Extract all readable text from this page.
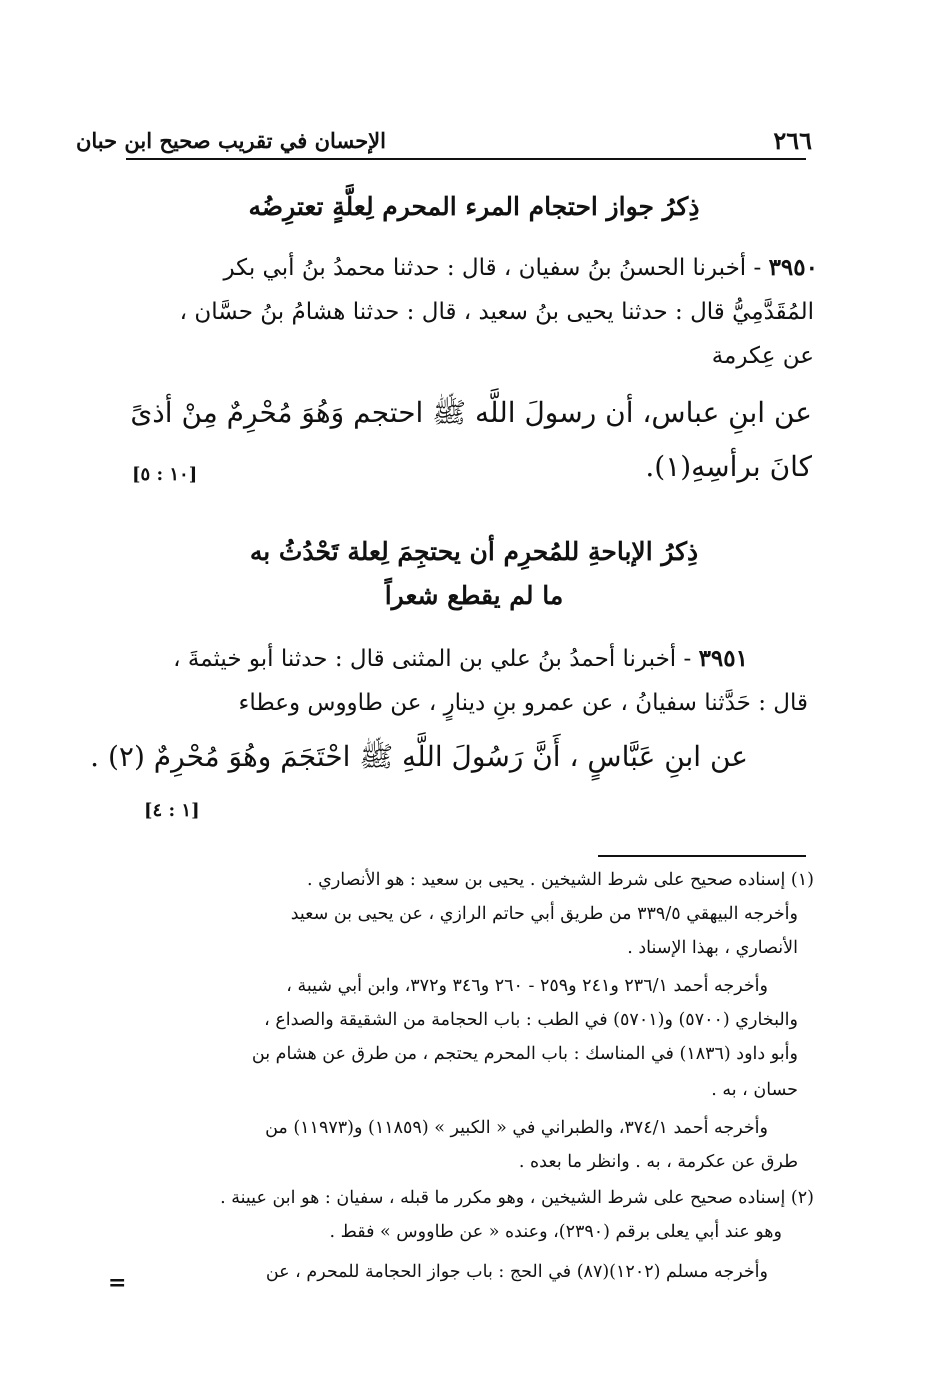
الإحسان في تقريب صحيح ابن حبان	٢٦٦
ذِكرُ جواز احتجام المرء المحرم لِعلَّةٍ تعترِضُه
٣٩٥٠ - أخبرنا الحسنُ بنُ سفيان ، قال : حدثنا محمدُ بنُ أبي بكر
المُقَدَّمِيُّ قال : حدثنا يحيى بنُ سعيد ، قال : حدثنا هشامُ بنُ حسَّان ،
عن عِكرمة
عن ابنِ عباس، أن رسولَ اللَّه ﷺ احتجم وَهُوَ مُحْرِمٌ مِنْ أذىً
كانَ برأسِهِ(١).
[١٠ : ٥]
ذِكرُ الإباحةِ للمُحرِم أن يحتجِمَ لِعلة تَحْدُثُ به
ما لم يقطع شعراً
٣٩٥١ - أخبرنا أحمدُ بنُ علي بن المثنى قال : حدثنا أبو خيثمةَ ،
قال : حَدَّثنا سفيانُ ، عن عمرو بنِ دينارٍ ، عن طاووس وعطاء
عن ابنِ عَبَّاسٍ ، أَنَّ رَسُولَ اللَّهِ ﷺ احْتَجَمَ وهُوَ مُحْرِمٌ (٢) .
[١ : ٤]
(١) إسناده صحيح على شرط الشيخين . يحيى بن سعيد : هو الأنصاري .
وأخرجه البيهقي ٣٣٩/٥ من طريق أبي حاتم الرازي ، عن يحيى بن سعيد
الأنصاري ، بهذا الإسناد .
وأخرجه أحمد ٢٣٦/١ و٢٤١ و٢٥٩ - ٢٦٠ و٣٤٦ و٣٧٢، وابن أبي شيبة ،
والبخاري (٥٧٠٠) و(٥٧٠١) في الطب : باب الحجامة من الشقيقة والصداع ،
وأبو داود (١٨٣٦) في المناسك : باب المحرم يحتجم ، من طرق عن هشام بن
حسان ، به .
وأخرجه أحمد ٣٧٤/١، والطبراني في « الكبير » (١١٨٥٩) و(١١٩٧٣) من
طرق عن عكرمة ، به . وانظر ما بعده .
(٢) إسناده صحيح على شرط الشيخين ، وهو مكرر ما قبله ، سفيان : هو ابن عيينة .
وهو عند أبي يعلى برقم (٢٣٩٠)، وعنده « عن طاووس » فقط .
وأخرجه مسلم (١٢٠٢)(٨٧) في الحج : باب جواز الحجامة للمحرم ، عن
=
